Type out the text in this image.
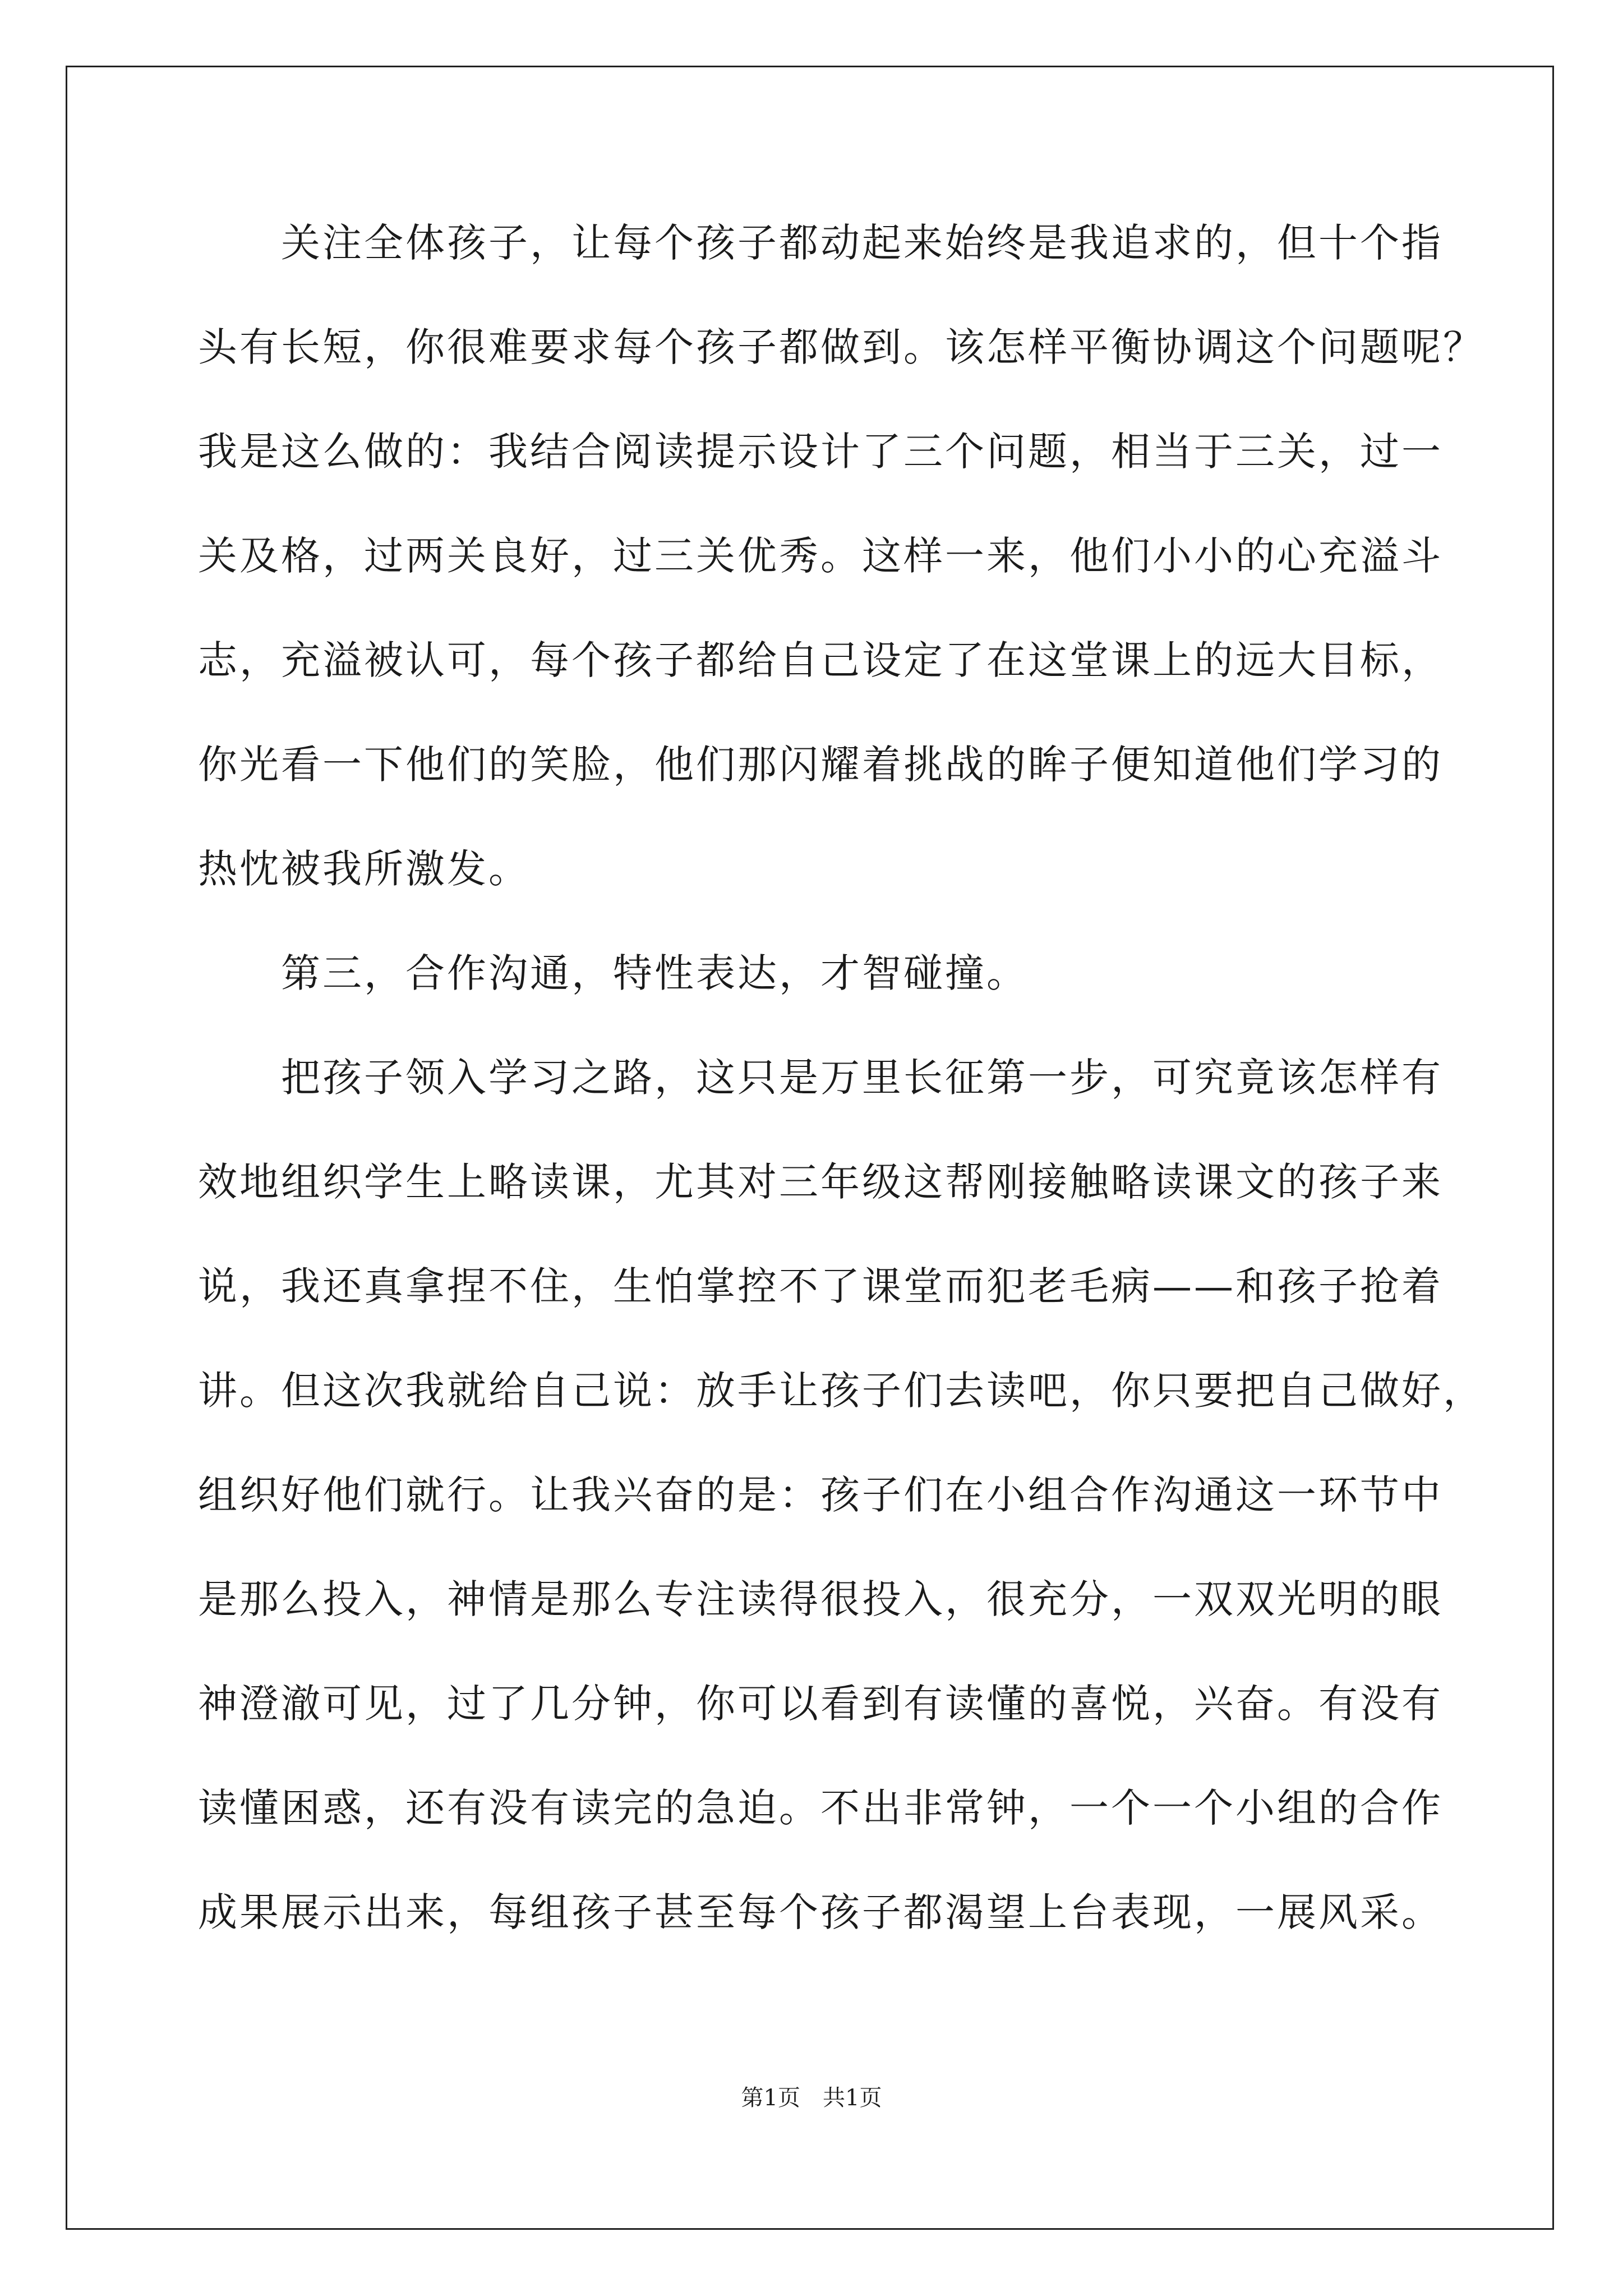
　　关注全体孩子，让每个孩子都动起来始终是我追求的，但十个指
头有长短，你很难要求每个孩子都做到。该怎样平衡协调这个问题呢？
我是这么做的：我结合阅读提示设计了三个问题，相当于三关，过一
关及格，过两关良好，过三关优秀。这样一来，他们小小的心充溢斗
志，充溢被认可，每个孩子都给自己设定了在这堂课上的远大目标，
你光看一下他们的笑脸，他们那闪耀着挑战的眸子便知道他们学习的
热忱被我所激发。
　　第三，合作沟通，特性表达，才智碰撞。
　　把孩子领入学习之路，这只是万里长征第一步，可究竟该怎样有
效地组织学生上略读课，尤其对三年级这帮刚接触略读课文的孩子来
说，我还真拿捏不住，生怕掌控不了课堂而犯老毛病——和孩子抢着
讲。但这次我就给自己说：放手让孩子们去读吧，你只要把自己做好，
组织好他们就行。让我兴奋的是：孩子们在小组合作沟通这一环节中
是那么投入，神情是那么专注读得很投入，很充分，一双双光明的眼
神澄澈可见，过了几分钟，你可以看到有读懂的喜悦，兴奋。有没有
读懂困惑，还有没有读完的急迫。不出非常钟，一个一个小组的合作
成果展示出来，每组孩子甚至每个孩子都渴望上台表现，一展风采。
第1页　共1页
